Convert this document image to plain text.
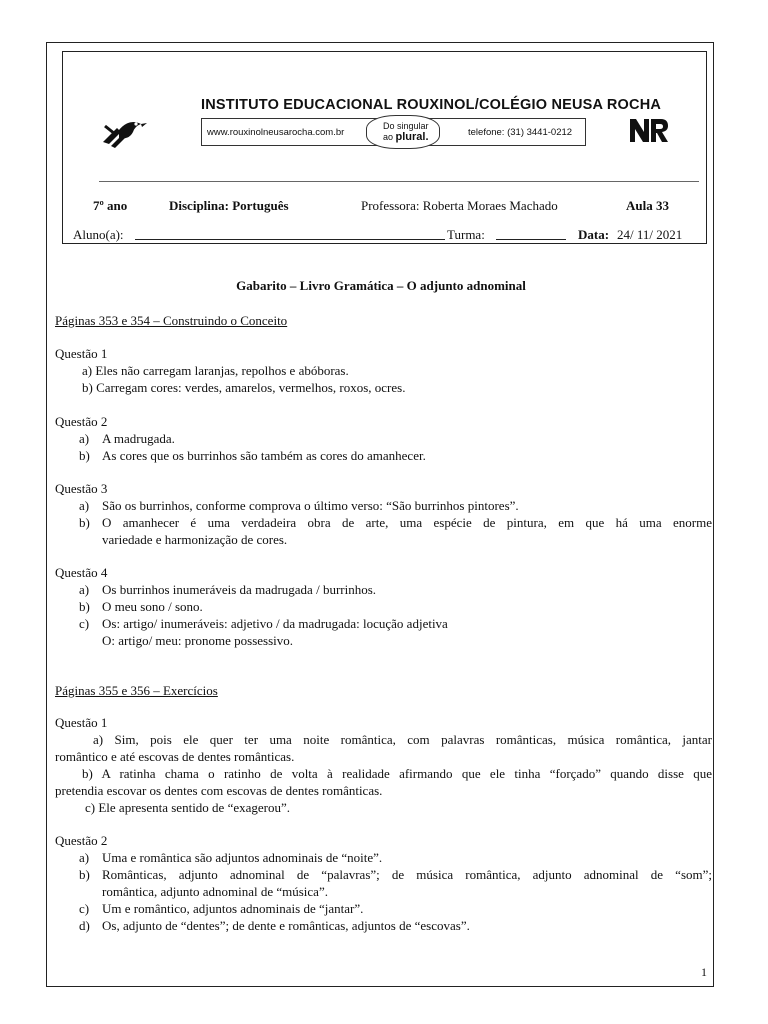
INSTITUTO EDUCACIONAL ROUXINOL/COLÉGIO NEUSA ROCHA
www.rouxinolneusarocha.com.br
Do singular
ao plural.	telefone: (31) 3441-0212
7º ano	Disciplina: Português	Professora: Roberta Moraes Machado	Aula 33
Aluno(a):	Turma:	Data: 24/ 11/ 2021
Gabarito – Livro Gramática – O adjunto adnominal
Páginas 353 e 354 – Construindo o Conceito
Questão 1
a) Eles não carregam laranjas, repolhos e abóboras.
b) Carregam cores: verdes, amarelos, vermelhos, roxos, ocres.
Questão 2
a) A madrugada.
b) As cores que os burrinhos são também as cores do amanhecer.
Questão 3
a) São os burrinhos, conforme comprova o último verso: “São burrinhos pintores”.
b) O amanhecer é uma verdadeira obra de arte, uma espécie de pintura, em que há uma enorme
variedade e harmonização de cores.
Questão 4
a) Os burrinhos inumeráveis da madrugada / burrinhos.
b) O meu sono / sono.
c) Os: artigo/ inumeráveis: adjetivo / da madrugada: locução adjetiva
O: artigo/ meu: pronome possessivo.
Páginas 355 e 356 – Exercícios
Questão 1
a) Sim, pois ele quer ter uma noite romântica, com palavras românticas, música romântica, jantar
romântico e até escovas de dentes românticas.
b) A ratinha chama o ratinho de volta à realidade afirmando que ele tinha “forçado” quando disse que
pretendia escovar os dentes com escovas de dentes românticas.
c) Ele apresenta sentido de “exagerou”.
Questão 2
a) Uma e romântica são adjuntos adnominais de “noite”.
b) Românticas, adjunto adnominal de “palavras”; de música romântica, adjunto adnominal de “som”;
romântica, adjunto adnominal de “música”.
c) Um e romântico, adjuntos adnominais de “jantar”.
d) Os, adjunto de “dentes”; de dente e românticas, adjuntos de “escovas”.
1
